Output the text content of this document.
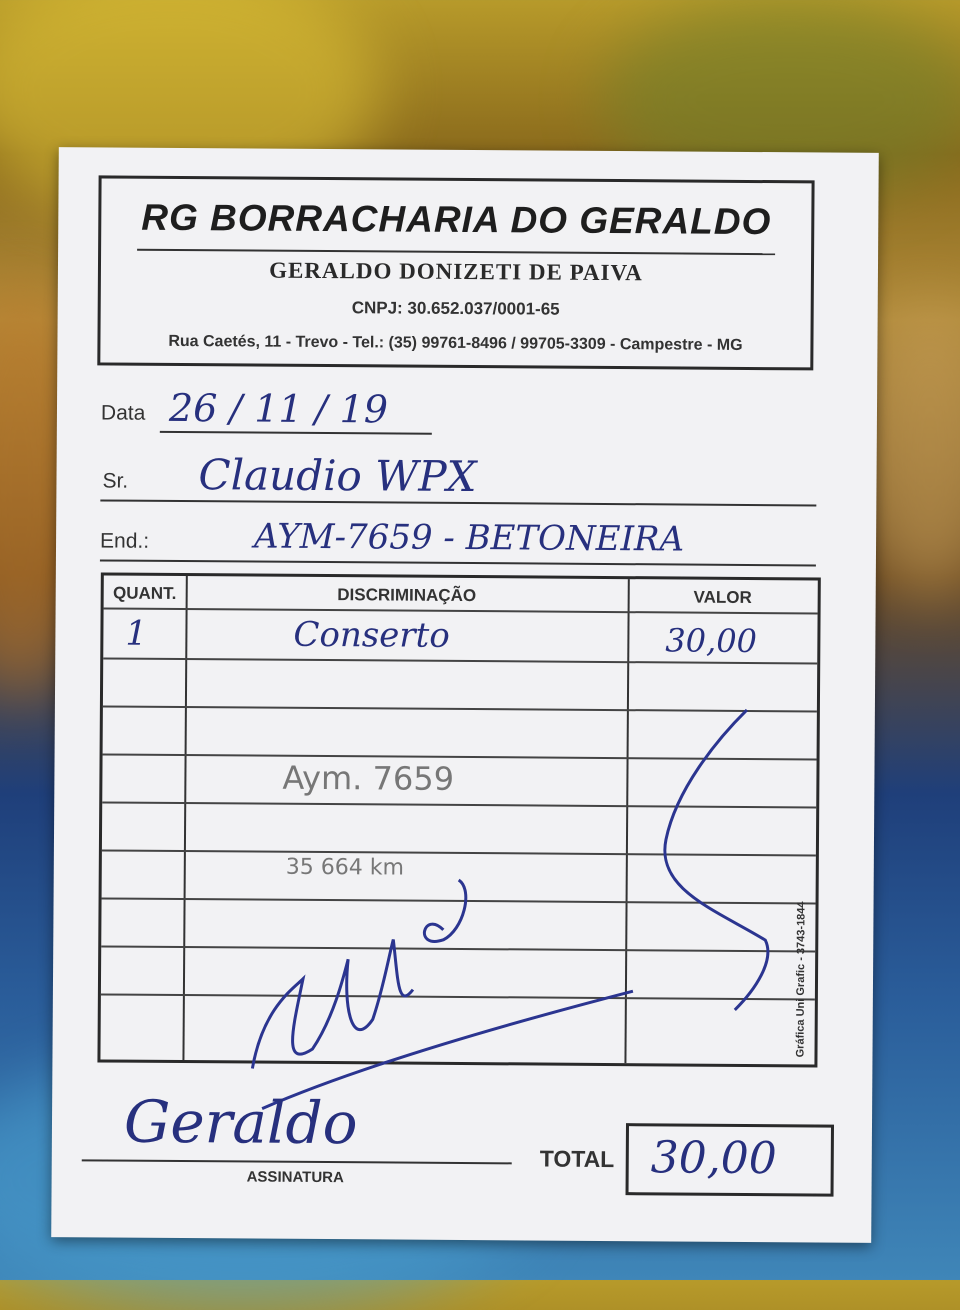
RG BORRACHARIA DO GERALDO
GERALDO DONIZETI DE PAIVA
CNPJ: 30.652.037/0001-65
Rua Caetés, 11 - Trevo - Tel.: (35) 99761-8496 / 99705-3309 - Campestre - MG
Data 26 / 11 / 19
Sr. Claudio WPX
End.:	AYM-7659 - BETONEIRA
QUANT.	DISCRIMINAÇÃO	VALOR
1	Conserto	30,00
Aym. 7659
35 664 km
ASSINATURA
Geraldo
TOTAL 30,00
Gráfica Uni Grafic - 3743-1844
